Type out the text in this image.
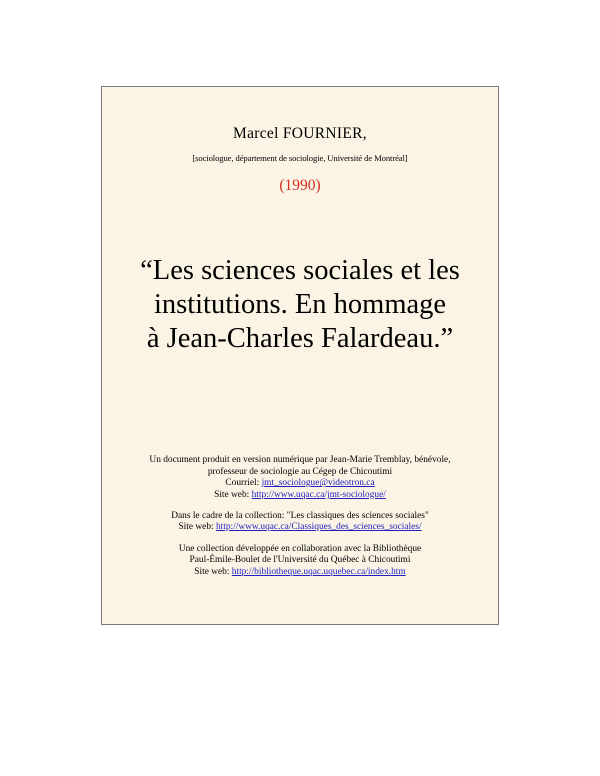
Marcel FOURNIER,
[sociologue, département de sociologie, Université de Montréal]
(1990)
“Les sciences sociales et les
institutions. En hommage
à Jean-Charles Falardeau.”
Un document produit en version numérique par Jean-Marie Tremblay, bénévole,
professeur de sociologie au Cégep de Chicoutimi
Courriel: jmt_sociologue@videotron.ca
Site web: http://www.uqac.ca/jmt-sociologue/
Dans le cadre de la collection: "Les classiques des sciences sociales"
Site web: http://www.uqac.ca/Classiques_des_sciences_sociales/
Une collection développée en collaboration avec la Bibliothèque
Paul-Émile-Boulet de l'Université du Québec à Chicoutimi
Site web: http://bibliotheque.uqac.uquebec.ca/index.htm
